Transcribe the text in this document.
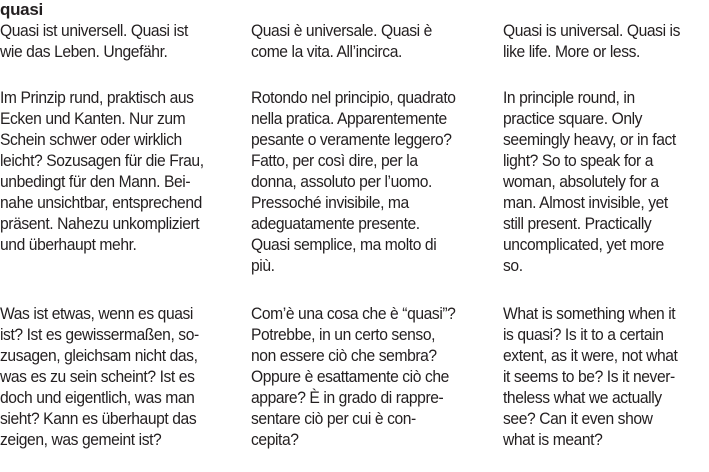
quasi
Quasi ist universell. Quasi ist
wie das Leben. Ungefähr.
Im Prinzip rund, praktisch aus
Ecken und Kanten. Nur zum
Schein schwer oder wirklich
leicht? Sozusagen für die Frau,
unbedingt für den Mann. Bei-
nahe unsichtbar, entsprechend
präsent. Nahezu unkompliziert
und überhaupt mehr.
Was ist etwas, wenn es quasi
ist? Ist es gewissermaßen, so-
zusagen, gleichsam nicht das,
was es zu sein scheint? Ist es
doch und eigentlich, was man
sieht? Kann es überhaupt das
zeigen, was gemeint ist?
Quasi è universale. Quasi è
come la vita. All’incirca.
Rotondo nel principio, quadrato
nella pratica. Apparentemente
pesante o veramente leggero?
Fatto, per così dire, per la
donna, assoluto per l’uomo.
Pressoché invisibile, ma
adeguatamente presente.
Quasi semplice, ma molto di
più.
Com’è una cosa che è “quasi”?
Potrebbe, in un certo senso,
non essere ciò che sembra?
Oppure è esattamente ciò che
appare? È in grado di rappre-
sentare ciò per cui è con-
cepita?
Quasi is universal. Quasi is
like life. More or less.
In principle round, in
practice square. Only
seemingly heavy, or in fact
light? So to speak for a
woman, absolutely for a
man. Almost invisible, yet
still present. Practically
uncomplicated, yet more
so.
What is something when it
is quasi? Is it to a certain
extent, as it were, not what
it seems to be? Is it never-
theless what we actually
see? Can it even show
what is meant?
